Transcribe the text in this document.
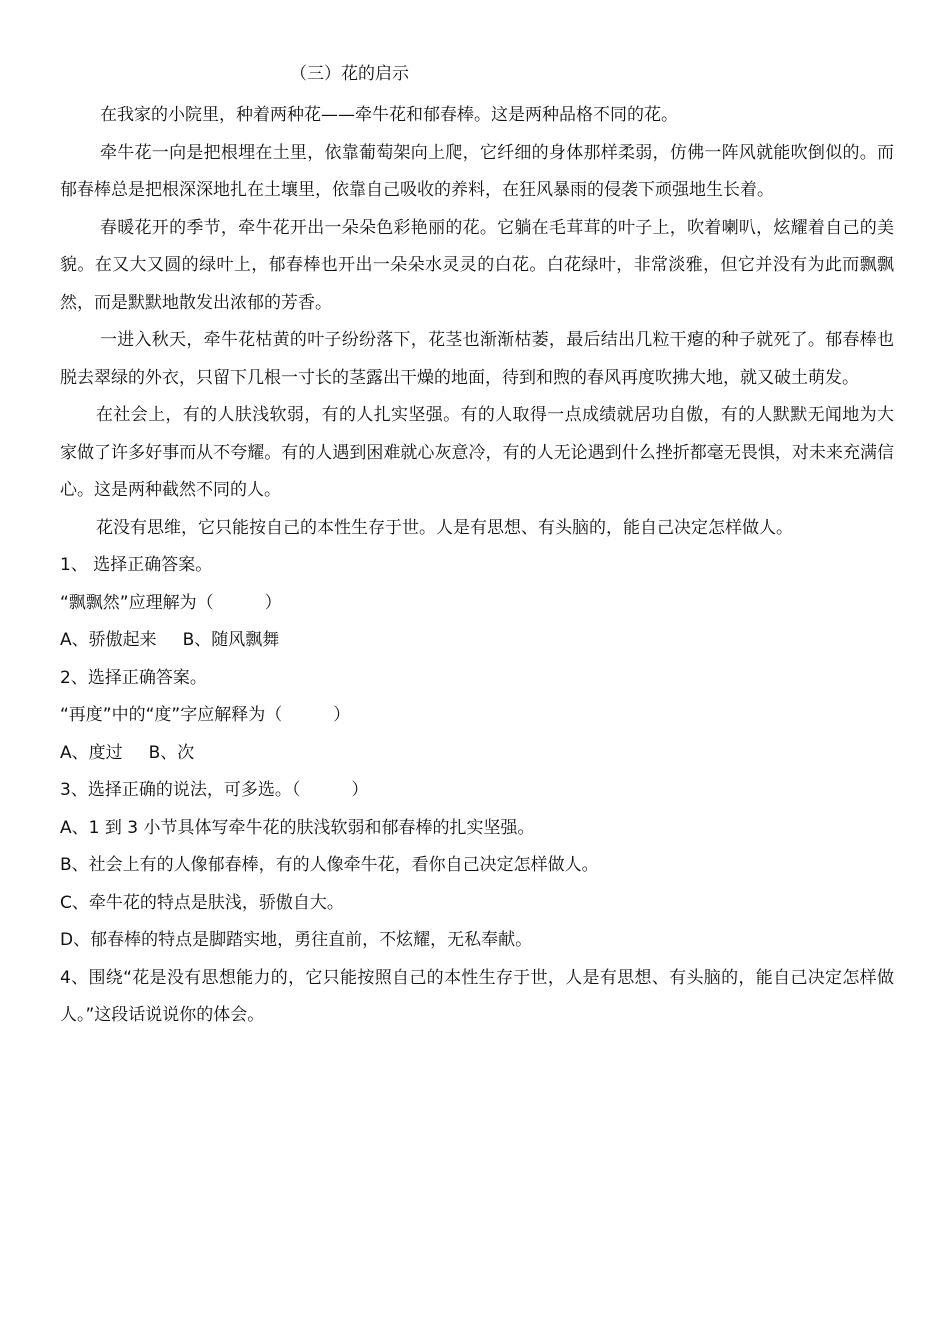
（三）花的启示

在我家的小院里，种着两种花——牵牛花和郁春棒。这是两种品格不同的花。

牵牛花一向是把根埋在土里，依靠葡萄架向上爬，它纤细的身体那样柔弱，仿佛一阵风就能吹倒似的。而郁春棒总是把根深深地扎在土壤里，依靠自己吸收的养料，在狂风暴雨的侵袭下顽强地生长着。

春暖花开的季节，牵牛花开出一朵朵色彩艳丽的花。它躺在毛茸茸的叶子上，吹着喇叭，炫耀着自己的美貌。在又大又圆的绿叶上，郁春棒也开出一朵朵水灵灵的白花。白花绿叶，非常淡雅，但它并没有为此而飘飘然，而是默默地散发出浓郁的芳香。

一进入秋天，牵牛花枯黄的叶子纷纷落下，花茎也渐渐枯萎，最后结出几粒干瘪的种子就死了。郁春棒也脱去翠绿的外衣，只留下几根一寸长的茎露出干燥的地面，待到和煦的春风再度吹拂大地，就又破土萌发。

在社会上，有的人肤浅软弱，有的人扎实坚强。有的人取得一点成绩就居功自傲，有的人默默无闻地为大家做了许多好事而从不夸耀。有的人遇到困难就心灰意冷，有的人无论遇到什么挫折都毫无畏惧，对未来充满信心。这是两种截然不同的人。

花没有思维，它只能按自己的本性生存于世。人是有思想、有头脑的，能自己决定怎样做人。

1、 选择正确答案。

“飘飘然”应理解为（　　　）

A、骄傲起来 B、随风飘舞

2、选择正确答案。

“再度”中的“度”字应解释为（　　　）

A、度过 B、次

3、选择正确的说法，可多选。（　　　）

A、1 到 3 小节具体写牵牛花的肤浅软弱和郁春棒的扎实坚强。

B、社会上有的人像郁春棒，有的人像牵牛花，看你自己决定怎样做人。

C、牵牛花的特点是肤浅，骄傲自大。

D、郁春棒的特点是脚踏实地，勇往直前，不炫耀，无私奉献。

4、围绕“花是没有思想能力的，它只能按照自己的本性生存于世，人是有思想、有头脑的，能自己决定怎样做人。”这段话说说你的体会。
